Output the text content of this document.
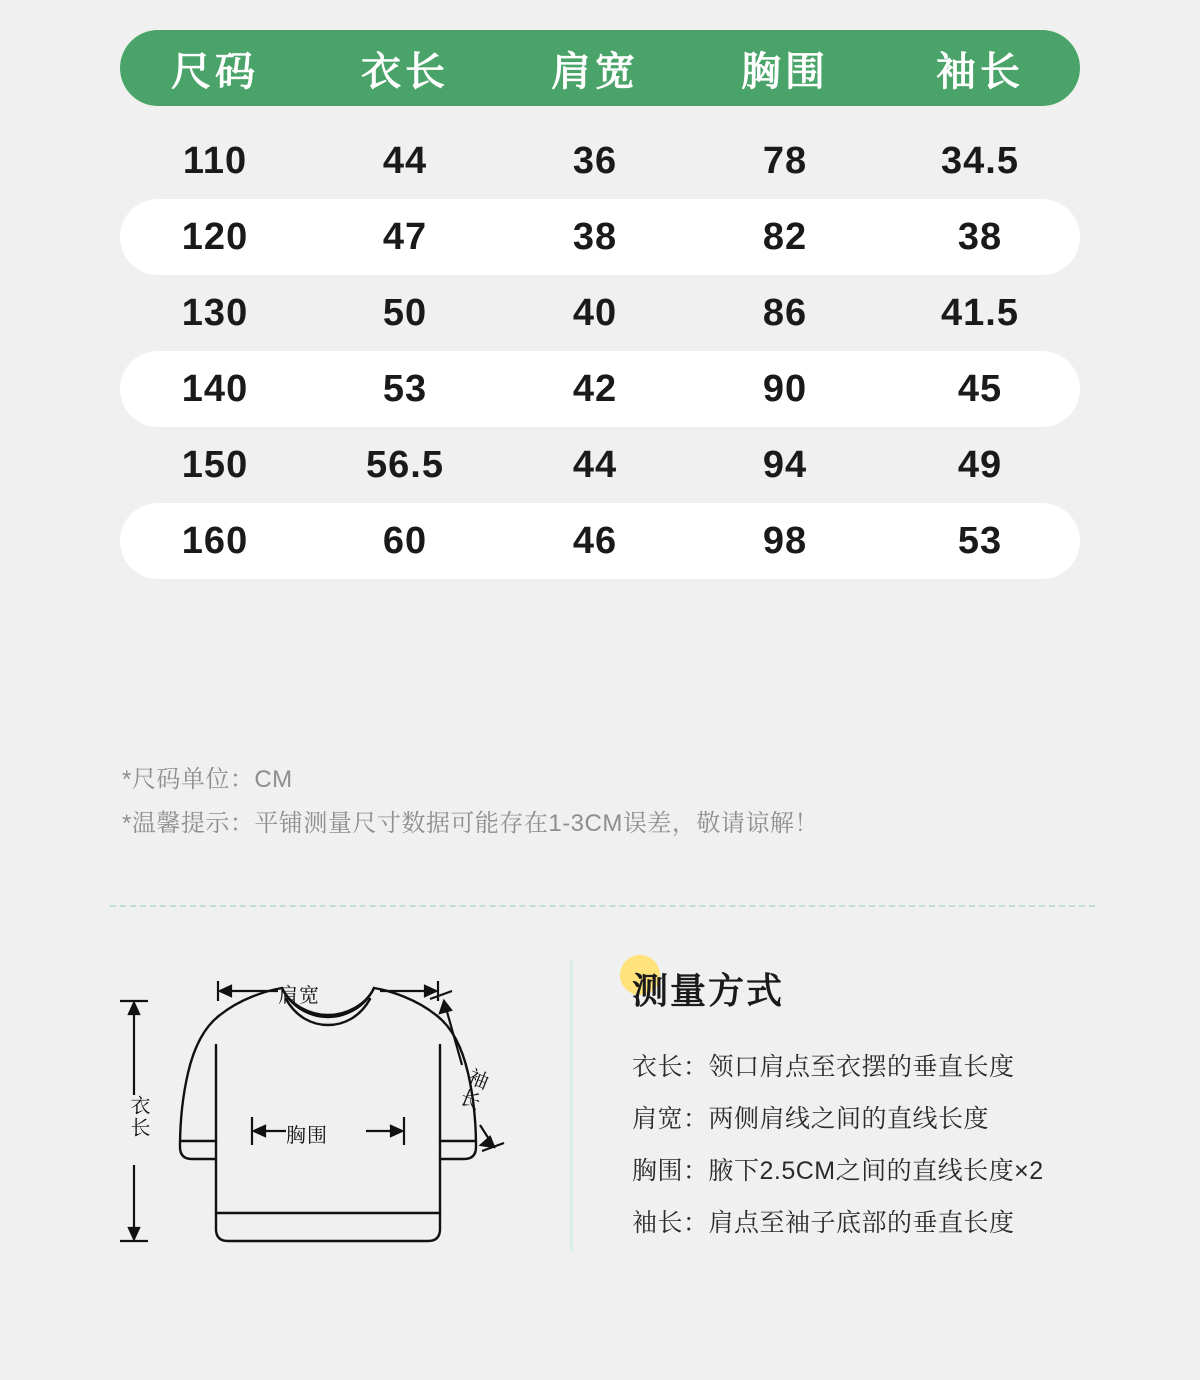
尺码	衣长	肩宽	胸围	袖长
110	44	36	78	34.5
120	47	38	82	38
130	50	40	86	41.5
140	53	42	90	45
150	56.5	44	94	49
160	60	46	98	53
*尺码单位：CM
*温馨提示：平铺测量尺寸数据可能存在1-3CM误差，敬请谅解！
肩宽
胸围
衣长
袖长
测量方式
衣长：领口肩点至衣摆的垂直长度
肩宽：两侧肩线之间的直线长度
胸围：腋下2.5CM之间的直线长度×2
袖长：肩点至袖子底部的垂直长度
